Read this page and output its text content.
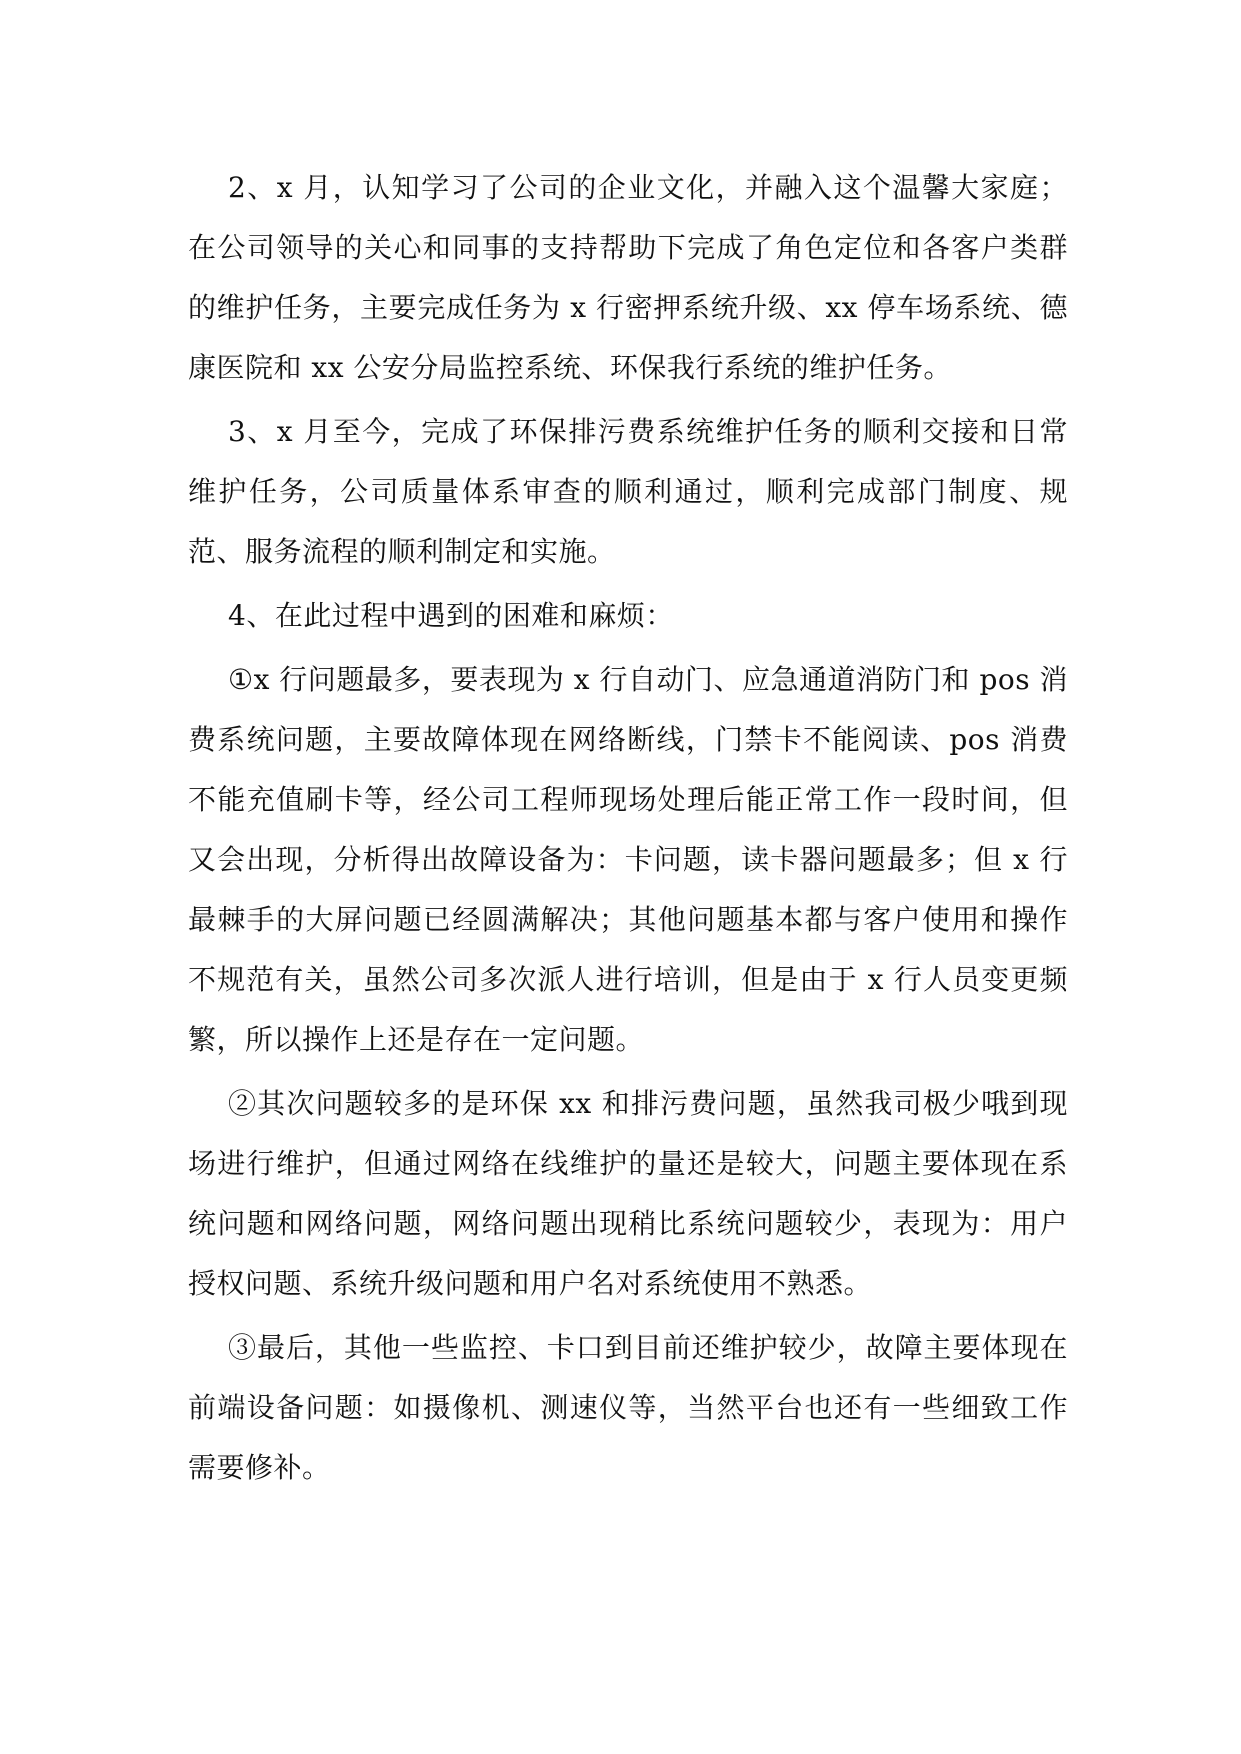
2、x 月，认知学习了公司的企业文化，并融入这个温馨大家庭；在公司领导的关心和同事的支持帮助下完成了角色定位和各客户类群的维护任务，主要完成任务为 x 行密押系统升级、xx 停车场系统、德康医院和 xx 公安分局监控系统、环保我行系统的维护任务。

3、x 月至今，完成了环保排污费系统维护任务的顺利交接和日常维护任务，公司质量体系审查的顺利通过，顺利完成部门制度、规范、服务流程的顺利制定和实施。

4、在此过程中遇到的困难和麻烦：

①x 行问题最多，要表现为 x 行自动门、应急通道消防门和 pos 消费系统问题，主要故障体现在网络断线，门禁卡不能阅读、pos 消费不能充值刷卡等，经公司工程师现场处理后能正常工作一段时间，但又会出现，分析得出故障设备为：卡问题，读卡器问题最多；但 x 行最棘手的大屏问题已经圆满解决；其他问题基本都与客户使用和操作不规范有关，虽然公司多次派人进行培训，但是由于 x 行人员变更频繁，所以操作上还是存在一定问题。

②其次问题较多的是环保 xx 和排污费问题，虽然我司极少哦到现场进行维护，但通过网络在线维护的量还是较大，问题主要体现在系统问题和网络问题，网络问题出现稍比系统问题较少，表现为：用户授权问题、系统升级问题和用户名对系统使用不熟悉。

③最后，其他一些监控、卡口到目前还维护较少，故障主要体现在前端设备问题：如摄像机、测速仪等，当然平台也还有一些细致工作需要修补。
